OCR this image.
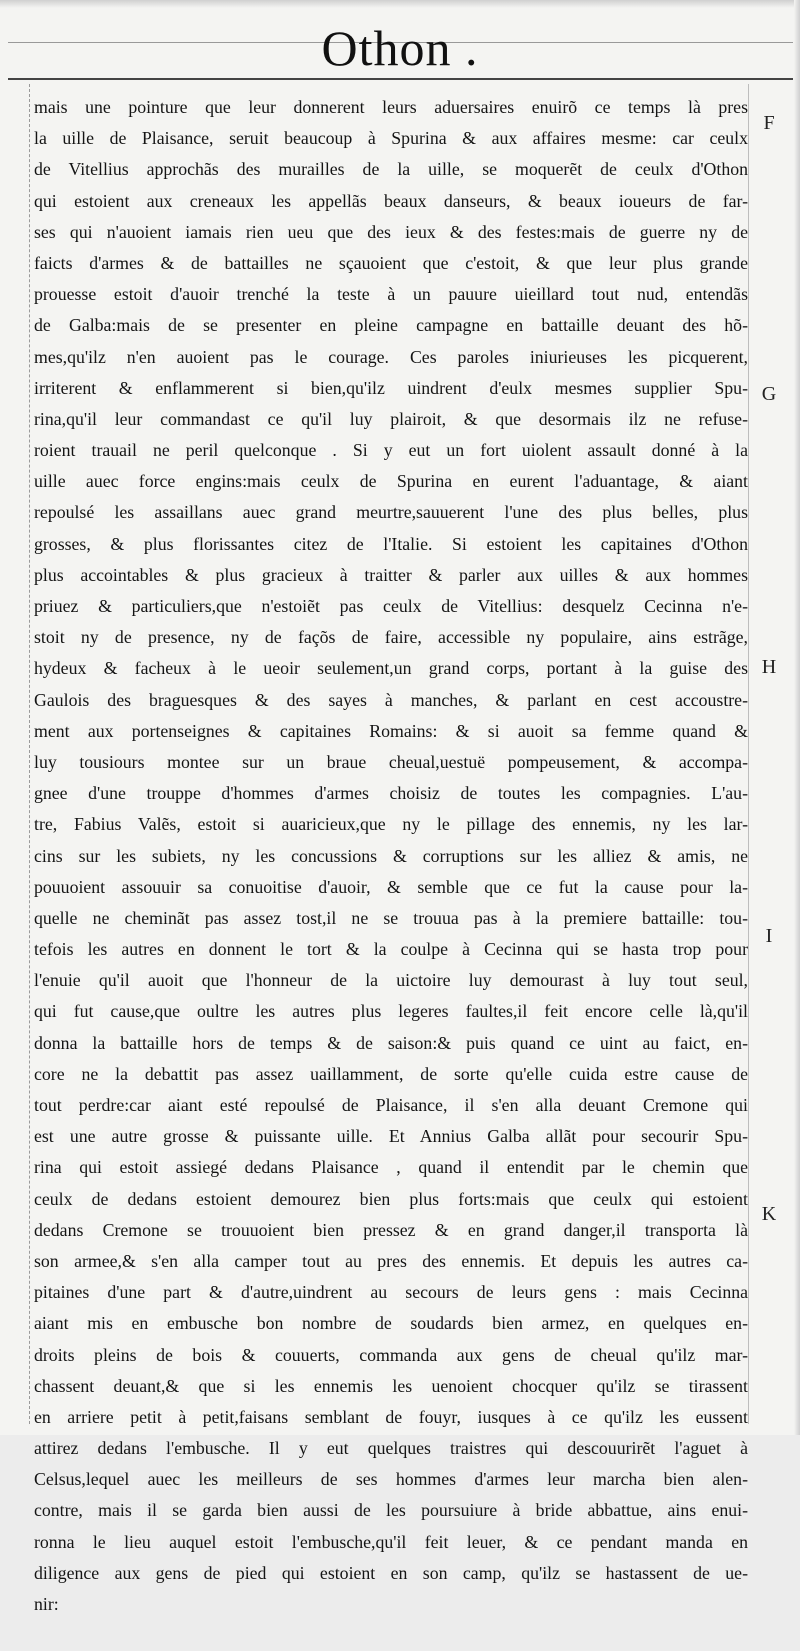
Othon .
mais une pointure que leur donnerent leurs aduersaires enuirõ ce temps là pres
la uille de Plaisance, seruit beaucoup à Spurina & aux affaires mesme: car ceulx
de Vitellius approchãs des murailles de la uille, se moquerẽt de ceulx d'Othon
qui estoient aux creneaux les appellãs beaux danseurs, & beaux ioueurs de far-
ses qui n'auoient iamais rien ueu que des ieux & des festes:mais de guerre ny de
faicts d'armes & de battailles ne sçauoient que c'estoit, & que leur plus grande
prouesse estoit d'auoir trenché la teste à un pauure uieillard tout nud, entendãs
de Galba:mais de se presenter en pleine campagne en battaille deuant des hõ-
mes,qu'ilz n'en auoient pas le courage. Ces paroles iniurieuses les picquerent,
irriterent & enflammerent si bien,qu'ilz uindrent d'eulx mesmes supplier Spu-
rina,qu'il leur commandast ce qu'il luy plairoit, & que desormais ilz ne refuse-
roient trauail ne peril quelconque . Si y eut un fort uiolent assault donné à la
uille auec force engins:mais ceulx de Spurina en eurent l'aduantage, & aiant
repoulsé les assaillans auec grand meurtre,sauuerent l'une des plus belles, plus
grosses, & plus florissantes citez de l'Italie. Si estoient les capitaines d'Othon
plus accointables & plus gracieux à traitter & parler aux uilles & aux hommes
priuez & particuliers,que n'estoiẽt pas ceulx de Vitellius: desquelz Cecinna n'e-
stoit ny de presence, ny de façõs de faire, accessible ny populaire, ains estrãge,
hydeux & facheux à le ueoir seulement,un grand corps, portant à la guise des
Gaulois des braguesques & des sayes à manches, & parlant en cest accoustre-
ment aux portenseignes & capitaines Romains: & si auoit sa femme quand &
luy tousiours montee sur un braue cheual,uestuë pompeusement, & accompa-
gnee d'une trouppe d'hommes d'armes choisiz de toutes les compagnies. L'au-
tre, Fabius Valẽs, estoit si auaricieux,que ny le pillage des ennemis, ny les lar-
cins sur les subiets, ny les concussions & corruptions sur les alliez & amis, ne
pouuoient assouuir sa conuoitise d'auoir, & semble que ce fut la cause pour la-
quelle ne cheminãt pas assez tost,il ne se trouua pas à la premiere battaille: tou-
tefois les autres en donnent le tort & la coulpe à Cecinna qui se hasta trop pour
l'enuie qu'il auoit que l'honneur de la uictoire luy demourast à luy tout seul,
qui fut cause,que oultre les autres plus legeres faultes,il feit encore celle là,qu'il
donna la battaille hors de temps & de saison:& puis quand ce uint au faict, en-
core ne la debattit pas assez uaillamment, de sorte qu'elle cuida estre cause de
tout perdre:car aiant esté repoulsé de Plaisance, il s'en alla deuant Cremone qui
est une autre grosse & puissante uille. Et Annius Galba allãt pour secourir Spu-
rina qui estoit assiegé dedans Plaisance , quand il entendit par le chemin que
ceulx de dedans estoient demourez bien plus forts:mais que ceulx qui estoient
dedans Cremone se trouuoient bien pressez & en grand danger,il transporta là
son armee,& s'en alla camper tout au pres des ennemis. Et depuis les autres ca-
pitaines d'une part & d'autre,uindrent au secours de leurs gens : mais Cecinna
aiant mis en embusche bon nombre de soudards bien armez, en quelques en-
droits pleins de bois & couuerts, commanda aux gens de cheual qu'ilz mar-
chassent deuant,& que si les ennemis les uenoient chocquer qu'ilz se tirassent
en arriere petit à petit,faisans semblant de fouyr, iusques à ce qu'ilz les eussent
attirez dedans l'embusche. Il y eut quelques traistres qui descouurirẽt l'aguet à
Celsus,lequel auec les meilleurs de ses hommes d'armes leur marcha bien alen-
contre, mais il se garda bien aussi de les poursuiure à bride abbattue, ains enui-
ronna le lieu auquel estoit l'embusche,qu'il feit leuer, & ce pendant manda en
diligence aux gens de pied qui estoient en son camp, qu'ilz se hastassent de ue-
nir:
F
G
H
I
K
